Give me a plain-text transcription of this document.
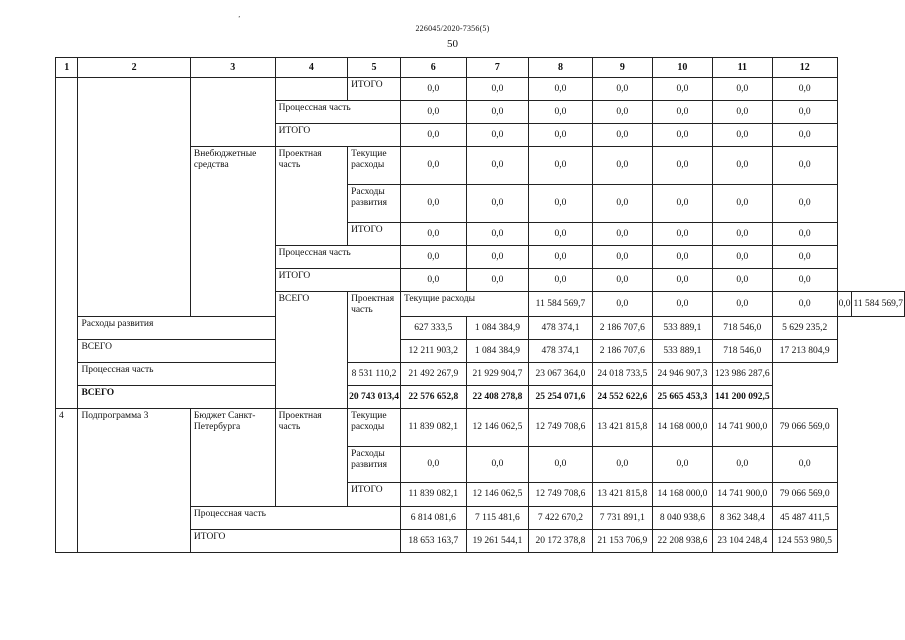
ʼ
226045/2020-7356(5)
50
1	2	3	4	5	6	7	8	9	10	11	12		
				ИТОГО	0,0	0,0	0,0	0,0	0,0	0,0	0,0		
			Процессная часть		0,0	0,0	0,0	0,0	0,0	0,0	0,0		
			ИТОГО		0,0	0,0	0,0	0,0	0,0	0,0	0,0		
		Внебюджетные средства	Проектная часть	Текущие расходы	0,0	0,0	0,0	0,0	0,0	0,0	0,0		
				Расходы развития	0,0	0,0	0,0	0,0	0,0	0,0	0,0		
				ИТОГО	0,0	0,0	0,0	0,0	0,0	0,0	0,0		
			Процессная часть		0,0	0,0	0,0	0,0	0,0	0,0	0,0		
			ИТОГО		0,0	0,0	0,0	0,0	0,0	0,0	0,0		
			ВСЕГО	Проектная часть	Текущие расходы		11 584 569,7	0,0	0,0	0,0	0,0	0,0	11 584 569,7
	Расходы развития				627 333,5	1 084 384,9	478 374,1	2 186 707,6	533 889,1	718 546,0	5 629 235,2		
	ВСЕГО				12 211 903,2	1 084 384,9	478 374,1	2 186 707,6	533 889,1	718 546,0	17 213 804,9		
	Процессная часть			8 531 110,2	21 492 267,9	21 929 904,7	23 067 364,0	24 018 733,5	24 946 907,3	123 986 287,6			
	ВСЕГО			20 743 013,4	22 576 652,8	22 408 278,8	25 254 071,6	24 552 622,6	25 665 453,3	141 200 092,5			
4	Подпрограмма 3	Бюджет Санкт-Петербурга	Проектная часть	Текущие расходы	11 839 082,1	12 146 062,5	12 749 708,6	13 421 815,8	14 168 000,0	14 741 900,0	79 066 569,0		
				Расходы развития	0,0	0,0	0,0	0,0	0,0	0,0	0,0		
				ИТОГО	11 839 082,1	12 146 062,5	12 749 708,6	13 421 815,8	14 168 000,0	14 741 900,0	79 066 569,0		
		Процессная часть			6 814 081,6	7 115 481,6	7 422 670,2	7 731 891,1	8 040 938,6	8 362 348,4	45 487 411,5		
		ИТОГО			18 653 163,7	19 261 544,1	20 172 378,8	21 153 706,9	22 208 938,6	23 104 248,4	124 553 980,5		
